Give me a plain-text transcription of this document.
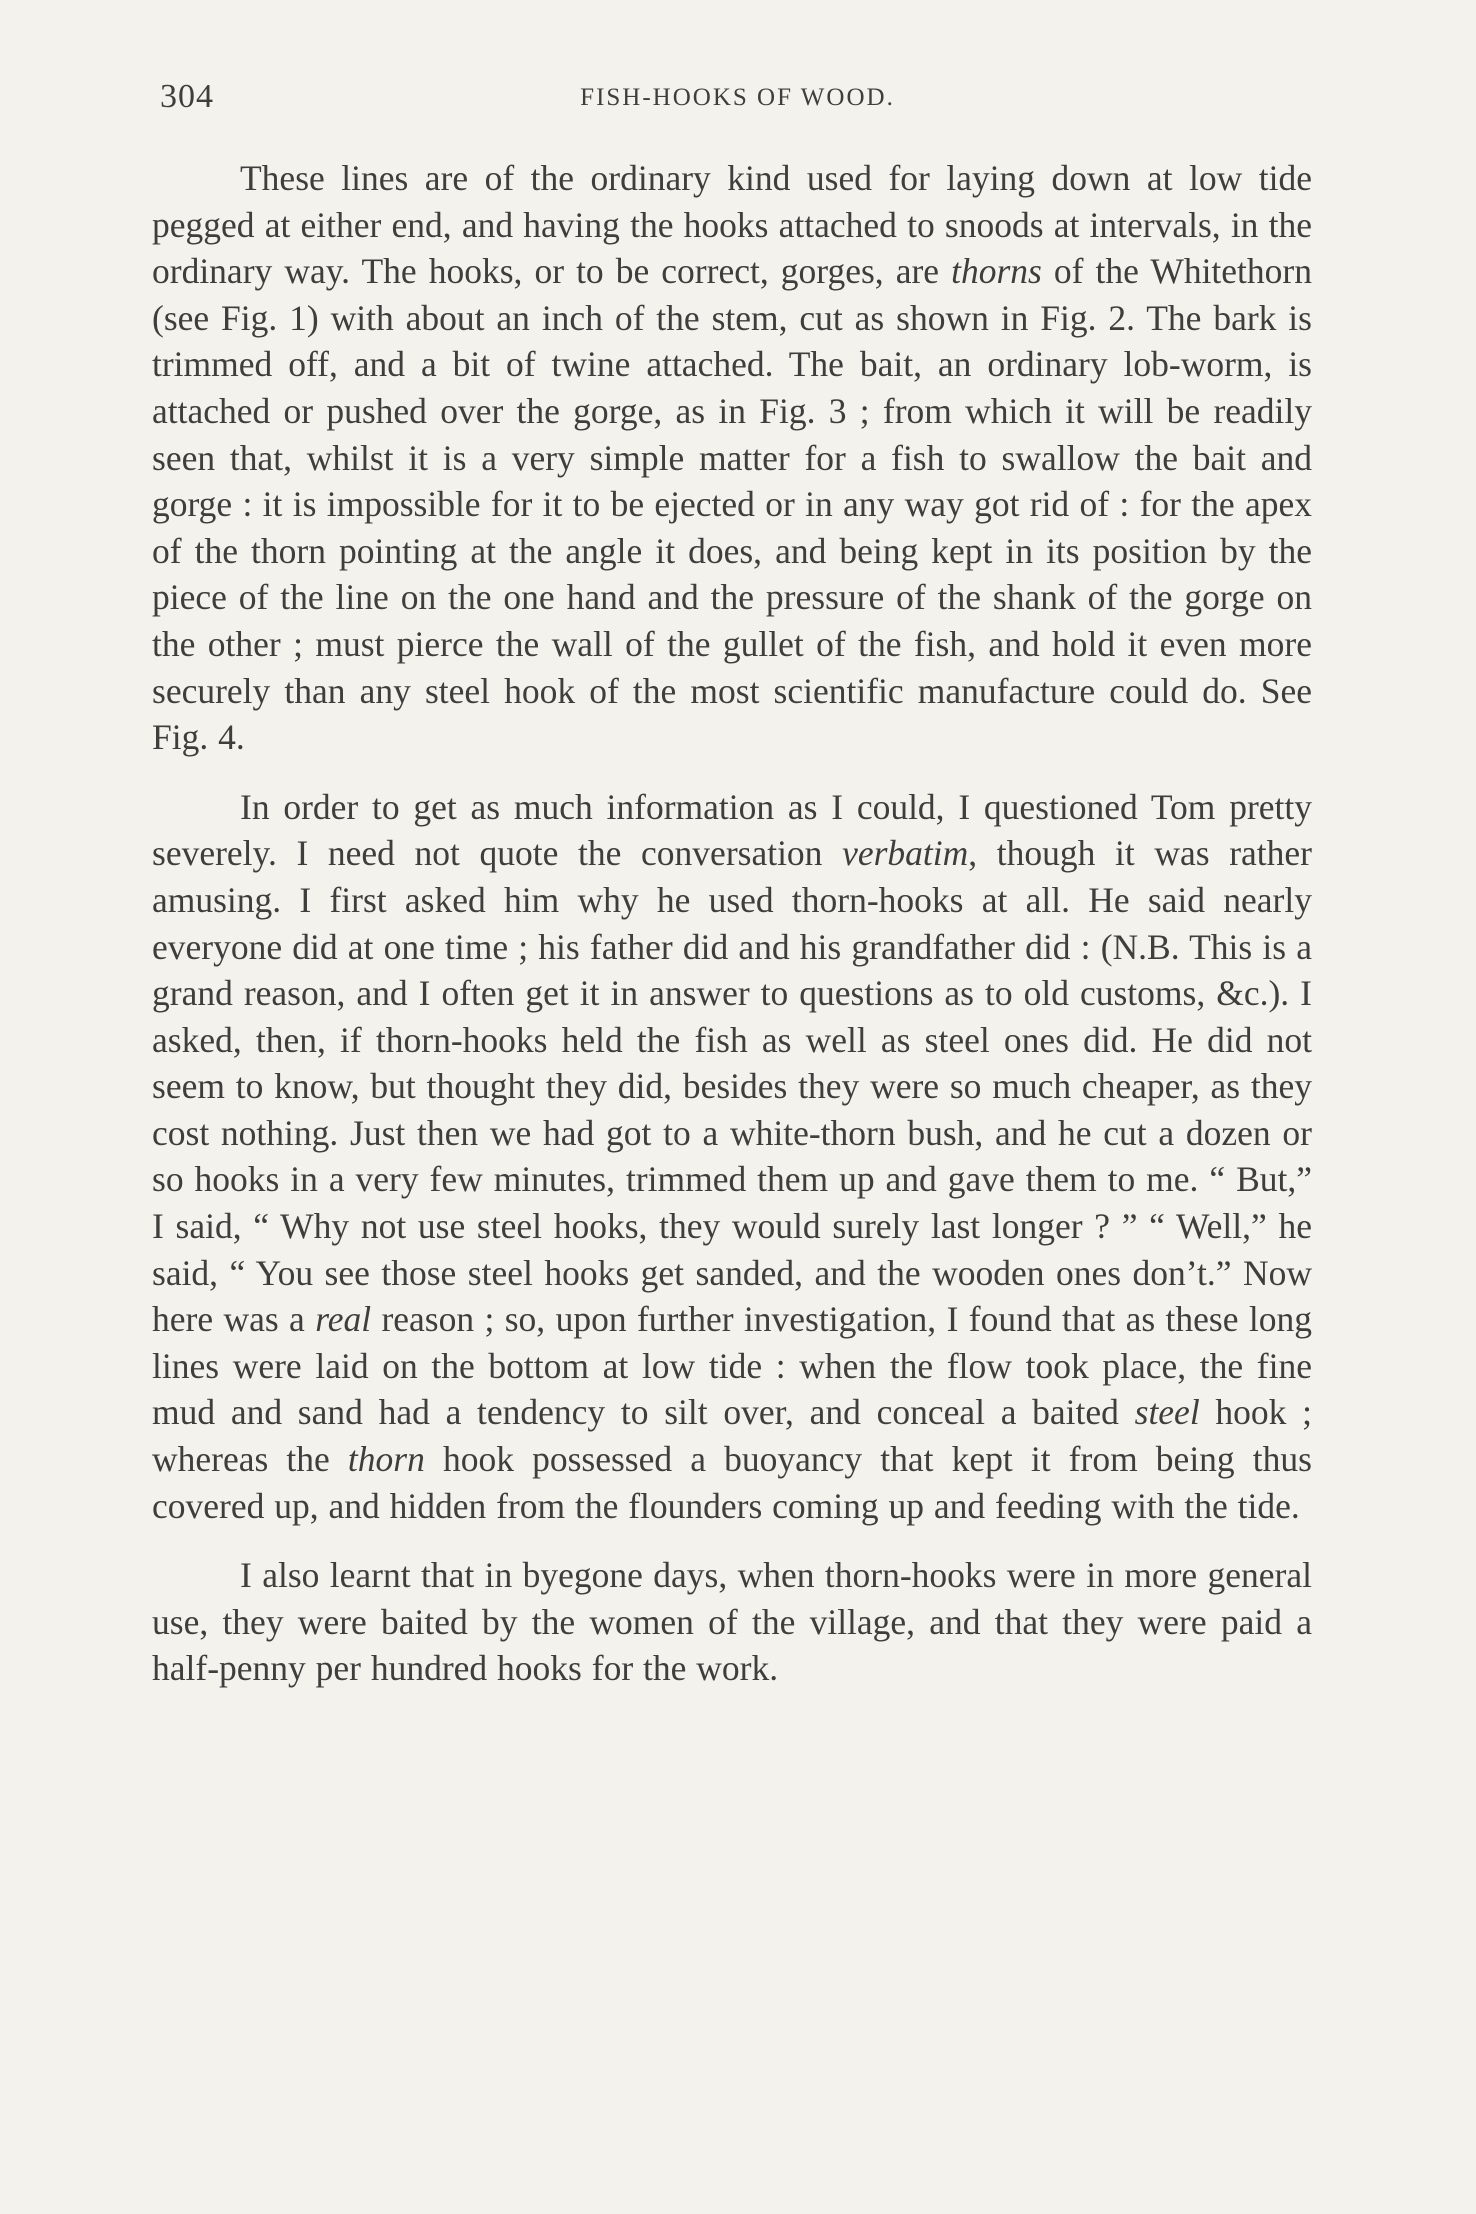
304	FISH-HOOKS OF WOOD.

These lines are of the ordinary kind used for laying down at low tide pegged at either end, and having the hooks attached to snoods at intervals, in the ordinary way. The hooks, or to be correct, gorges, are thorns of the Whitethorn (see Fig. 1) with about an inch of the stem, cut as shown in Fig. 2. The bark is trimmed off, and a bit of twine attached. The bait, an ordinary lob-worm, is attached or pushed over the gorge, as in Fig. 3 ; from which it will be readily seen that, whilst it is a very simple matter for a fish to swallow the bait and gorge : it is impossible for it to be ejected or in any way got rid of : for the apex of the thorn pointing at the angle it does, and being kept in its position by the piece of the line on the one hand and the pressure of the shank of the gorge on the other ; must pierce the wall of the gullet of the fish, and hold it even more securely than any steel hook of the most scientific manufacture could do. See Fig. 4.

In order to get as much information as I could, I questioned Tom pretty severely. I need not quote the conversation verbatim, though it was rather amusing. I first asked him why he used thorn-hooks at all. He said nearly everyone did at one time ; his father did and his grandfather did : (N.B. This is a grand reason, and I often get it in answer to questions as to old customs, &c.). I asked, then, if thorn-hooks held the fish as well as steel ones did. He did not seem to know, but thought they did, besides they were so much cheaper, as they cost nothing. Just then we had got to a white-thorn bush, and he cut a dozen or so hooks in a very few minutes, trimmed them up and gave them to me. “ But,” I said, “ Why not use steel hooks, they would surely last longer ? ” “ Well,” he said, “ You see those steel hooks get sanded, and the wooden ones don’t.” Now here was a real reason ; so, upon further investigation, I found that as these long lines were laid on the bottom at low tide : when the flow took place, the fine mud and sand had a tendency to silt over, and conceal a baited steel hook ; whereas the thorn hook possessed a buoyancy that kept it from being thus covered up, and hidden from the flounders coming up and feeding with the tide.

I also learnt that in byegone days, when thorn-hooks were in more general use, they were baited by the women of the village, and that they were paid a half-penny per hundred hooks for the work.
